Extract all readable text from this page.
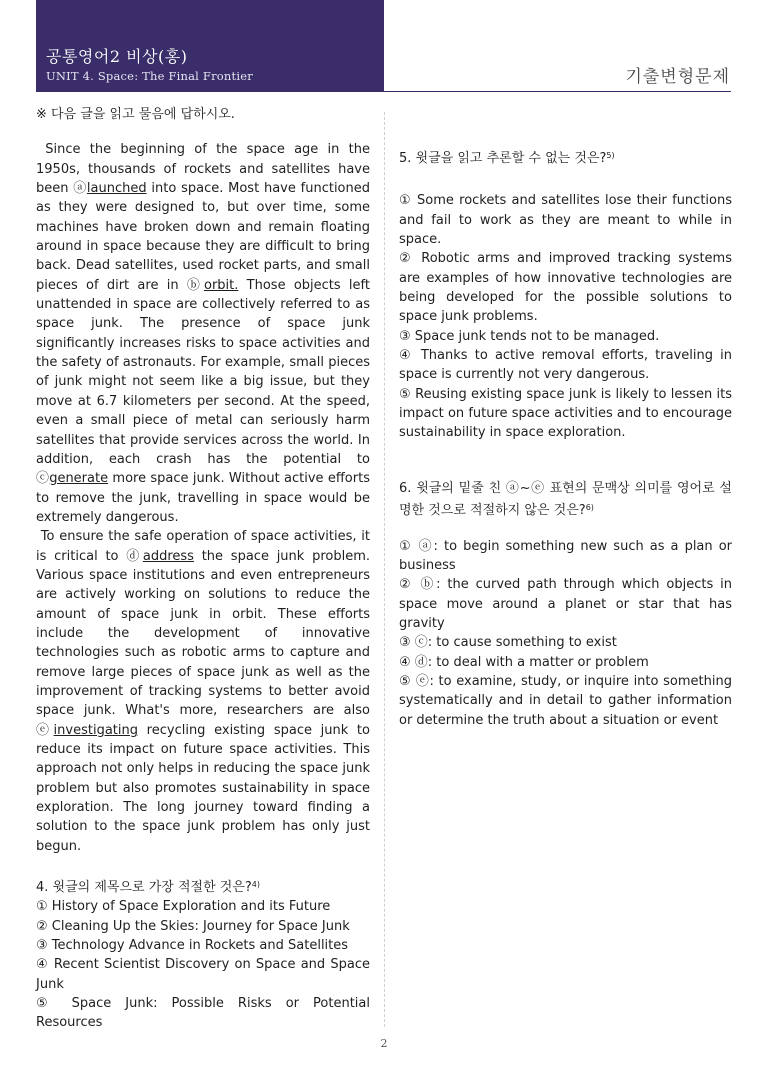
공통영어2 비상(홍)
UNIT 4. Space: The Final Frontier	기출변형문제

※ 다음 글을 읽고 물음에 답하시오.

Since the beginning of the space age in the 1950s, thousands of rockets and satellites have been ⓐlaunched into space. Most have functioned as they were designed to, but over time, some machines have broken down and remain floating around in space because they are difficult to bring back. Dead satellites, used rocket parts, and small pieces of dirt are in ⓑorbit. Those objects left unattended in space are collectively referred to as space junk. The presence of space junk significantly increases risks to space activities and the safety of astronauts. For example, small pieces of junk might not seem like a big issue, but they move at 6.7 kilometers per second. At the speed, even a small piece of metal can seriously harm satellites that provide services across the world. In addition, each crash has the potential to ⓒgenerate more space junk. Without active efforts to remove the junk, travelling in space would be extremely dangerous.

To ensure the safe operation of space activities, it is critical to ⓓaddress the space junk problem. Various space institutions and even entrepreneurs are actively working on solutions to reduce the amount of space junk in orbit. These efforts include the development of innovative technologies such as robotic arms to capture and remove large pieces of space junk as well as the improvement of tracking systems to better avoid space junk. What's more, researchers are also ⓔinvestigating recycling existing space junk to reduce its impact on future space activities. This approach not only helps in reducing the space junk problem but also promotes sustainability in space exploration. The long journey toward finding a solution to the space junk problem has only just begun.

4. 윗글의 제목으로 가장 적절한 것은?$^{4)}$

① History of Space Exploration and its Future

② Cleaning Up the Skies: Journey for Space Junk

③ Technology Advance in Rockets and Satellites

④ Recent Scientist Discovery on Space and Space Junk

⑤ Space Junk: Possible Risks or Potential Resources

5. 윗글을 읽고 추론할 수 없는 것은?$^{5)}$

① Some rockets and satellites lose their functions and fail to work as they are meant to while in space.

② Robotic arms and improved tracking systems are examples of how innovative technologies are being developed for the possible solutions to space junk problems.

③ Space junk tends not to be managed.

④ Thanks to active removal efforts, traveling in space is currently not very dangerous.

⑤ Reusing existing space junk is likely to lessen its impact on future space activities and to encourage sustainability in space exploration.

6. 윗글의 밑줄 친 ⓐ~ⓔ 표현의 문맥상 의미를 영어로 설명한 것으로 적절하지 않은 것은?$^{6)}$

① ⓐ: to begin something new such as a plan or business

② ⓑ: the curved path through which objects in space move around a planet or star that has gravity

③ ⓒ: to cause something to exist

④ ⓓ: to deal with a matter or problem

⑤ ⓔ: to examine, study, or inquire into something systematically and in detail to gather information or determine the truth about a situation or event

2
